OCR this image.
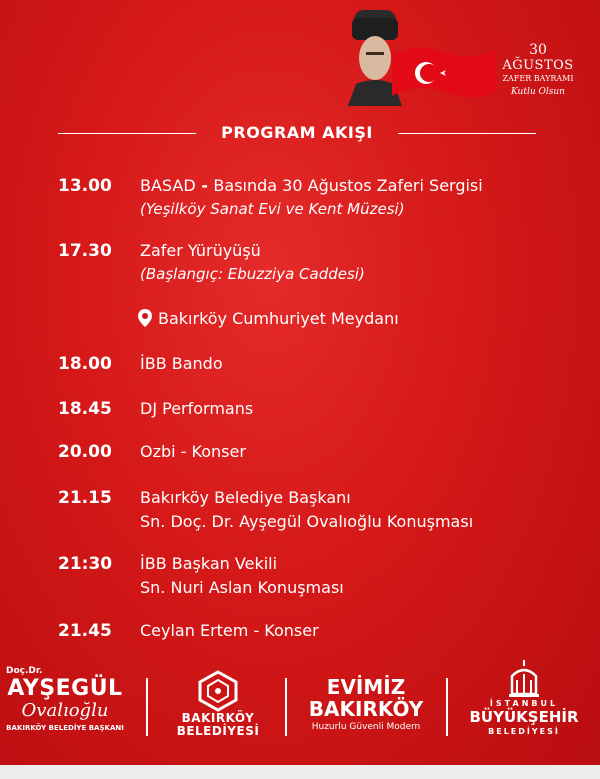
30
AĞUSTOS
ZAFER BAYRAMI
Kutlu Olsun
PROGRAM AKIŞI
13.00 BASAD - Basında 30 Ağustos Zaferi Sergisi
(Yeşilköy Sanat Evi ve Kent Müzesi)
17.30 Zafer Yürüyüşü
(Başlangıç: Ebuzziya Caddesi)
Bakırköy Cumhuriyet Meydanı
18.00 İBB Bando
18.45 DJ Performans
20.00 Ozbi - Konser
21.15 Bakırköy Belediye Başkanı
Sn. Doç. Dr. Ayşegül Ovalıoğlu Konuşması
21:30 İBB Başkan Vekili
Sn. Nuri Aslan Konuşması
21.45 Ceylan Ertem - Konser
Doç.Dr.
AYŞEGÜL
Ovalıoğlu
BAKIRKÖY BELEDİYE BAŞKANI
BAKIRKÖY
BELEDİYESİ
EVİMİZ
BAKIRKÖY
Huzurlu Güvenli Modern
İSTANBUL
BÜYÜKŞEHİR
BELEDİYESİ
